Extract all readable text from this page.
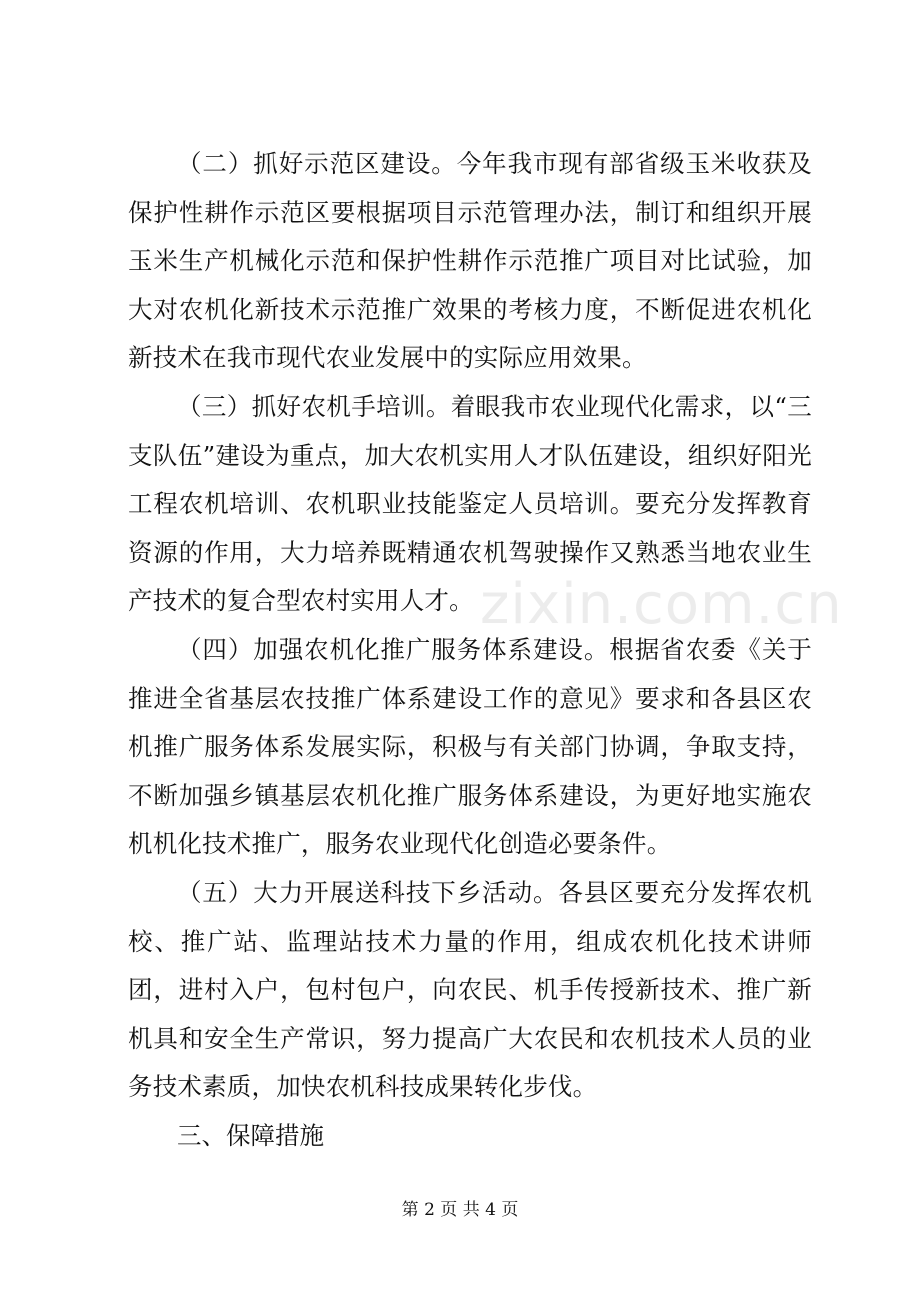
zixin.com.cn

（二）抓好示范区建设。今年我市现有部省级玉米收获及保护性耕作示范区要根据项目示范管理办法，制订和组织开展玉米生产机械化示范和保护性耕作示范推广项目对比试验，加大对农机化新技术示范推广效果的考核力度，不断促进农机化新技术在我市现代农业发展中的实际应用效果。

（三）抓好农机手培训。着眼我市农业现代化需求，以“三支队伍”建设为重点，加大农机实用人才队伍建设，组织好阳光工程农机培训、农机职业技能鉴定人员培训。要充分发挥教育资源的作用，大力培养既精通农机驾驶操作又熟悉当地农业生产技术的复合型农村实用人才。

（四）加强农机化推广服务体系建设。根据省农委《关于推进全省基层农技推广体系建设工作的意见》要求和各县区农机推广服务体系发展实际，积极与有关部门协调，争取支持，不断加强乡镇基层农机化推广服务体系建设，为更好地实施农机机化技术推广，服务农业现代化创造必要条件。

（五）大力开展送科技下乡活动。各县区要充分发挥农机校、推广站、监理站技术力量的作用，组成农机化技术讲师团，进村入户，包村包户，向农民、机手传授新技术、推广新机具和安全生产常识，努力提高广大农民和农机技术人员的业务技术素质，加快农机科技成果转化步伐。

三、保障措施

第 2 页 共 4 页
